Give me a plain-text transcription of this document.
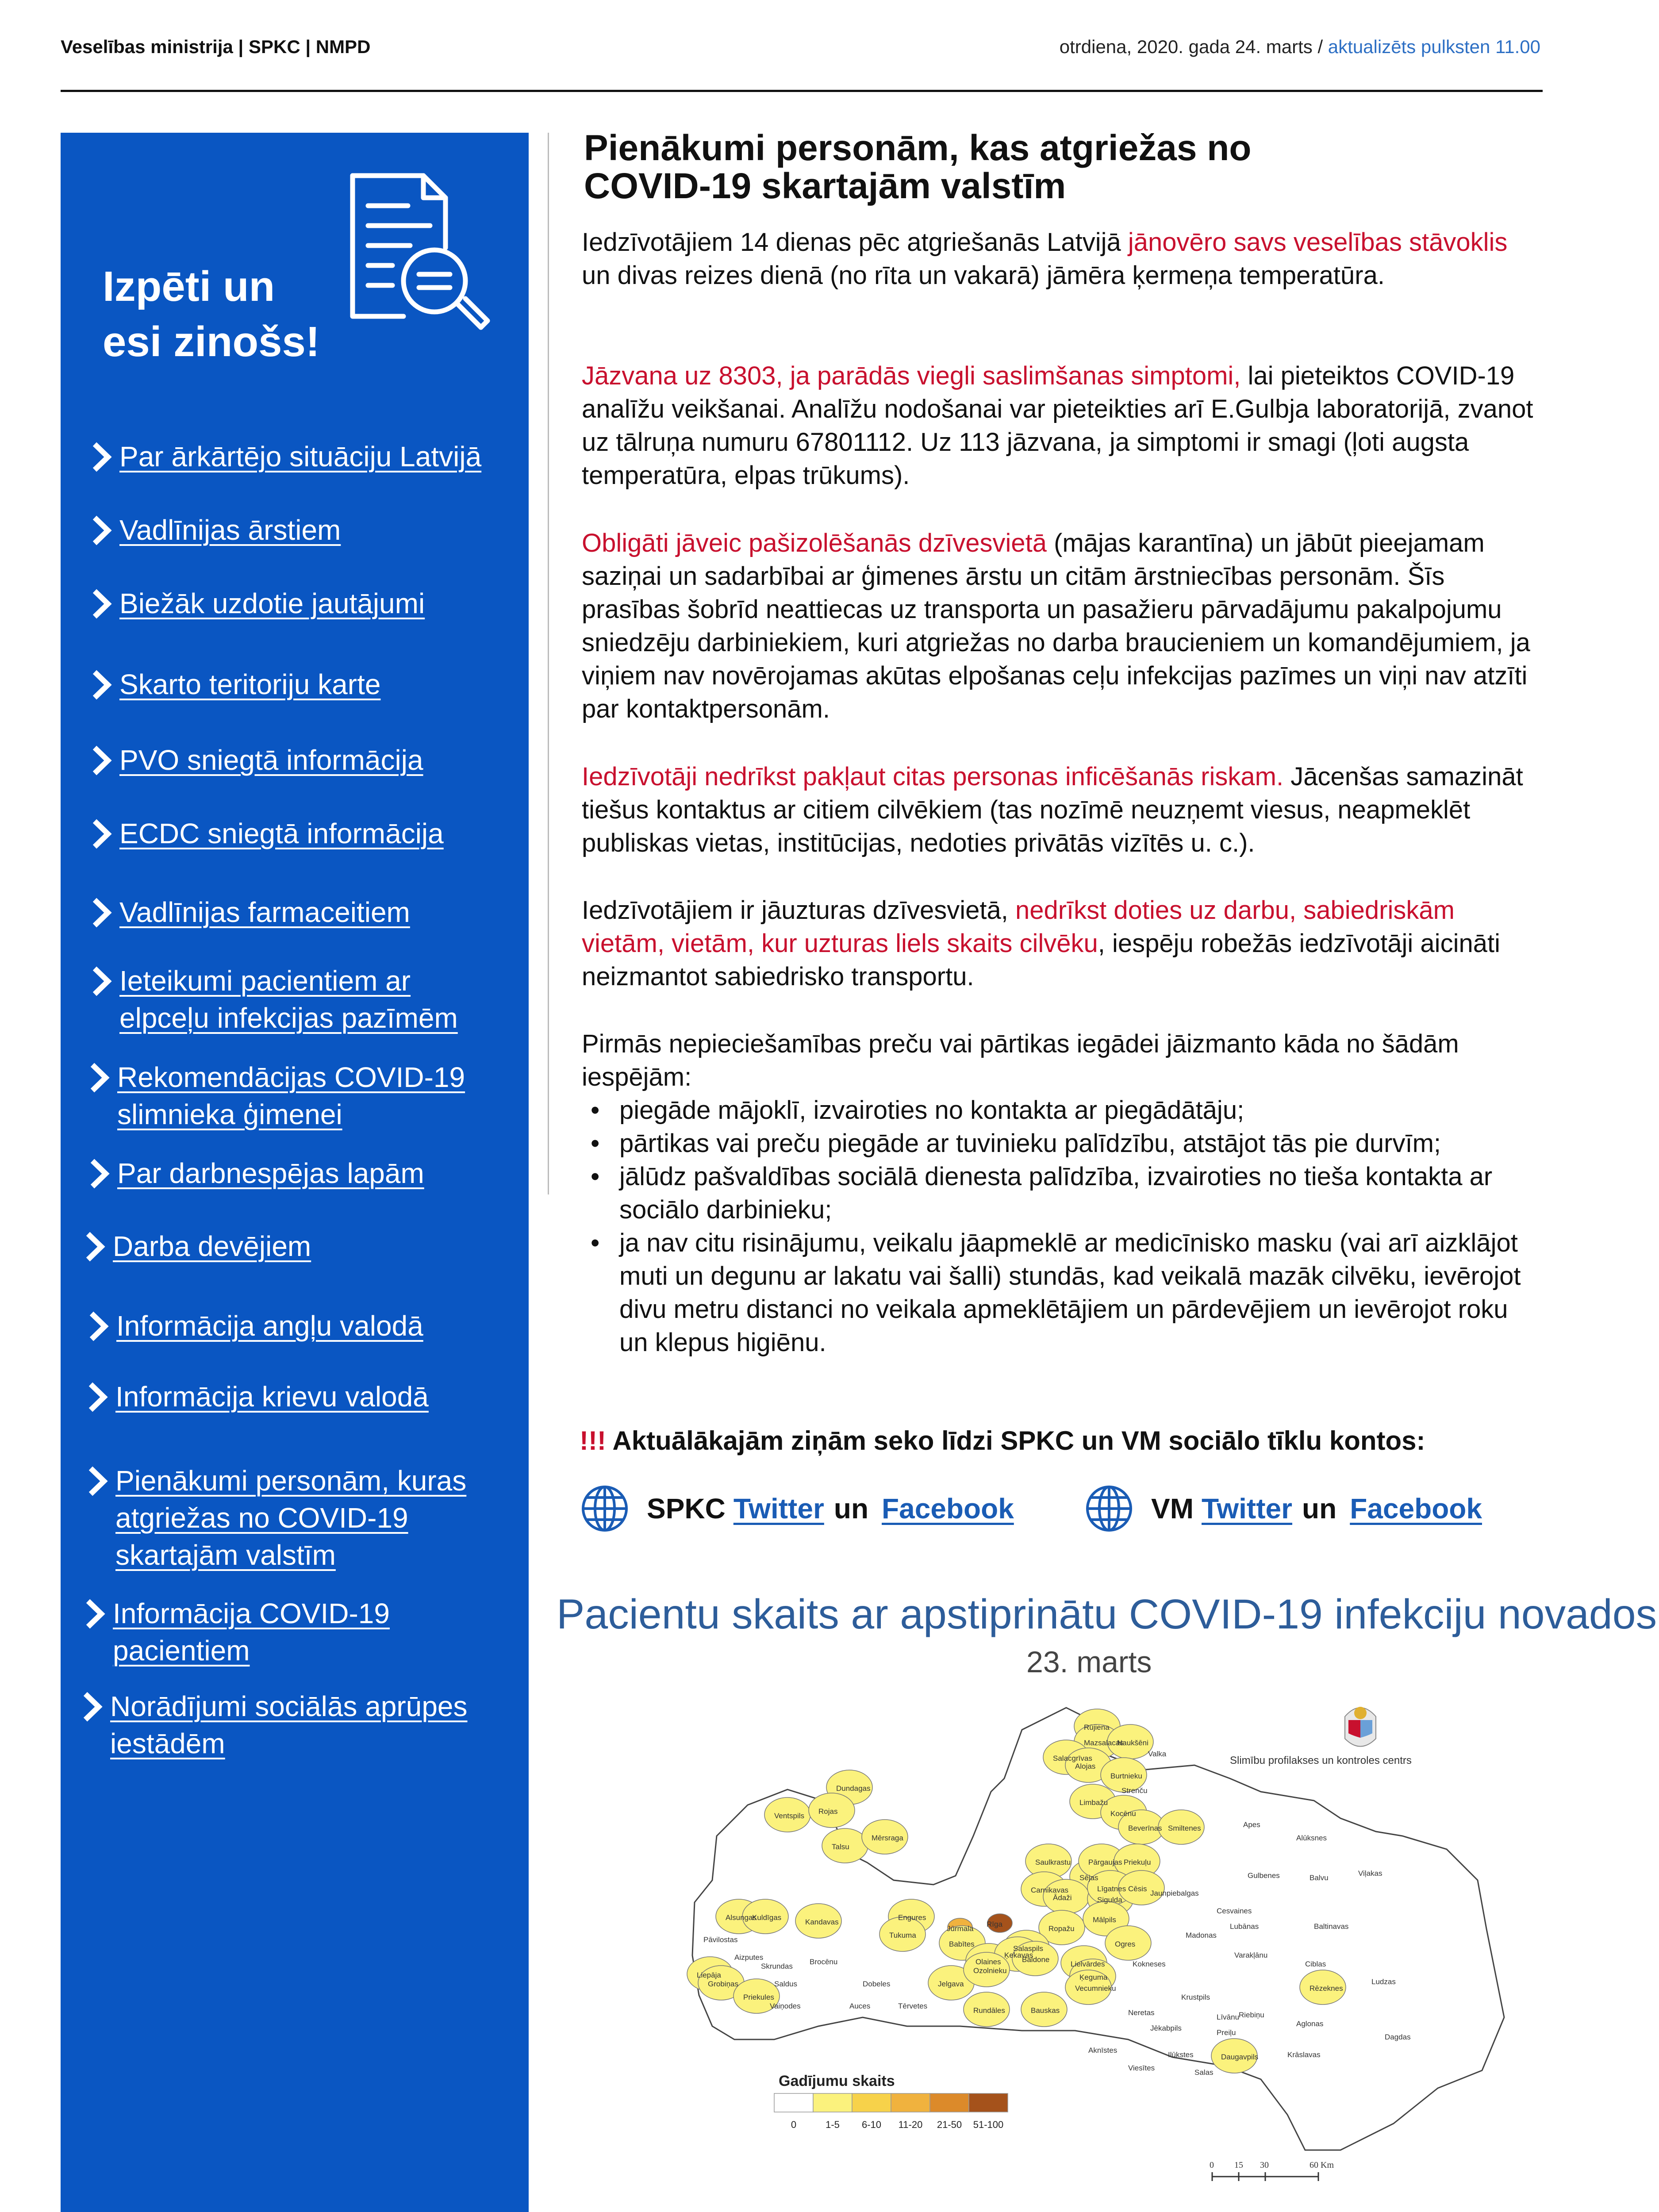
Veselības ministrija | SPKC | NMPD	otrdiena, 2020. gada 24. marts / aktualizēts pulksten 11.00
Izpēti un
esi zinošs!
Par ārkārtējo situāciju Latvijā
Vadlīnijas ārstiem
Biežāk uzdotie jautājumi
Skarto teritoriju karte
PVO sniegtā informācija
ECDC sniegtā informācija
Vadlīnijas farmaceitiem
Ieteikumi pacientiem ar
elpceļu infekcijas pazīmēm
Rekomendācijas COVID-19
slimnieka ģimenei
Par darbnespējas lapām
Darba devējiem
Informācija angļu valodā
Informācija krievu valodā
Pienākumi personām, kuras
atgriežas no COVID-19
skartajām valstīm
Informācija COVID-19
pacientiem
Norādījumi sociālās aprūpes
iestādēm
Pienākumi personām, kas atgriežas no
COVID-19 skartajām valstīm
Iedzīvotājiem 14 dienas pēc atgriešanās Latvijā jānovēro savs veselības stāvoklis un divas reizes dienā (no rīta un vakarā) jāmēra ķermeņa temperatūra.
Jāzvana uz 8303, ja parādās viegli saslimšanas simptomi, lai pieteiktos COVID-19 analīžu veikšanai. Analīžu nodošanai var pieteikties arī E.Gulbja laboratorijā, zvanot uz tālruņa numuru 67801112. Uz 113 jāzvana, ja simptomi ir smagi (ļoti augsta temperatūra, elpas trūkums).
Obligāti jāveic pašizolēšanās dzīvesvietā (mājas karantīna) un jābūt pieejamam saziņai un sadarbībai ar ģimenes ārstu un citām ārstniecības personām. Šīs prasības šobrīd neattiecas uz transporta un pasažieru pārvadājumu pakalpojumu sniedzēju darbiniekiem, kuri atgriežas no darba braucieniem un komandējumiem, ja viņiem nav novērojamas akūtas elpošanas ceļu infekcijas pazīmes un viņi nav atzīti par kontaktpersonām.
Iedzīvotāji nedrīkst pakļaut citas personas inficēšanās riskam. Jācenšas samazināt tiešus kontaktus ar citiem cilvēkiem (tas nozīmē neuzņemt viesus, neapmeklēt publiskas vietas, institūcijas, nedoties privātās vizītēs u. c.).
Iedzīvotājiem ir jāuzturas dzīvesvietā, nedrīkst doties uz darbu, sabiedriskām vietām, vietām, kur uzturas liels skaits cilvēku, iespēju robežās iedzīvotāji aicināti neizmantot sabiedrisko transportu.
Pirmās nepieciešamības preču vai pārtikas iegādei jāizmanto kāda no šādām iespējām:
• piegāde mājoklī, izvairoties no kontakta ar piegādātāju;
• pārtikas vai preču piegāde ar tuvinieku palīdzību, atstājot tās pie durvīm;
• jālūdz pašvaldības sociālā dienesta palīdzība, izvairoties no tieša kontakta ar sociālo darbinieku;
• ja nav citu risinājumu, veikalu jāapmeklē ar medicīnisko masku (vai arī aizklājot muti un degunu ar lakatu vai šalli) stundās, kad veikalā mazāk cilvēku, ievērojot divu metru distanci no veikala apmeklētājiem un pārdevējiem un ievērojot roku un klepus higiēnu.
!!! Aktuālākajām ziņām seko līdzi SPKC un VM sociālo tīklu kontos:
SPKC Twitter un Facebook	VM Twitter un Facebook
Pacientu skaits ar apstiprinātu COVID-19 infekciju novados
23. marts
Slimību profilakses un kontroles centrs
Rūjiena
Mazsalacas
Naukšēni
Salacgrīvas
Alojas
Valka
Burtnieku
Strenču
Limbažu
Kocēnu
Beverīnas Smiltenes	Apes
Alūksnes
Dundagas
Ventspils
Rojas
Talsu
Mērsraga
Saulkrastu
Sējas
Pārgaujas Priekuļu
Gulbenes	Balvu
Viļakas
Carnikavas
Ādaži	Sigulda
Līgatnes Cēsis
Jaunpiebalgas
Alsungas
Kuldīgas
Kandavas
Engures
Jūrmala
Rīga
Ropažu
Mālpils
Madonas
Lubānas	Baltinavas
Cesvaines
Pāvilostas
Tukuma
Babītes
Salaspils
Ogres
Aizputes
Skrundas
Brocēnu	Olaines
Ķekavas
Baldone
Lielvārdes	Kokneses
Varakļānu
Ciblas
Liepāja
Grobiņas	Saldus	Dobeles	Jelgava
Ozolnieku
Ķeguma
Vecumnieku	Rēzeknes
Ludzas
Priekules
Vaiņodes	Auces	Tērvetes
Rundāles	Bauskas	Neretas
Krustpils
Riebiņu
Līvānu
Jēkabpils
Preiļu
Aglonas
Dagdas
Ilūkstes	Daugavpils	Krāslavas
Aknīstes
Viesītes
Salas
Gadījumu skaits
0	1-5 6-10 11-20 21-50 51-100
0 15 30	60 Km
